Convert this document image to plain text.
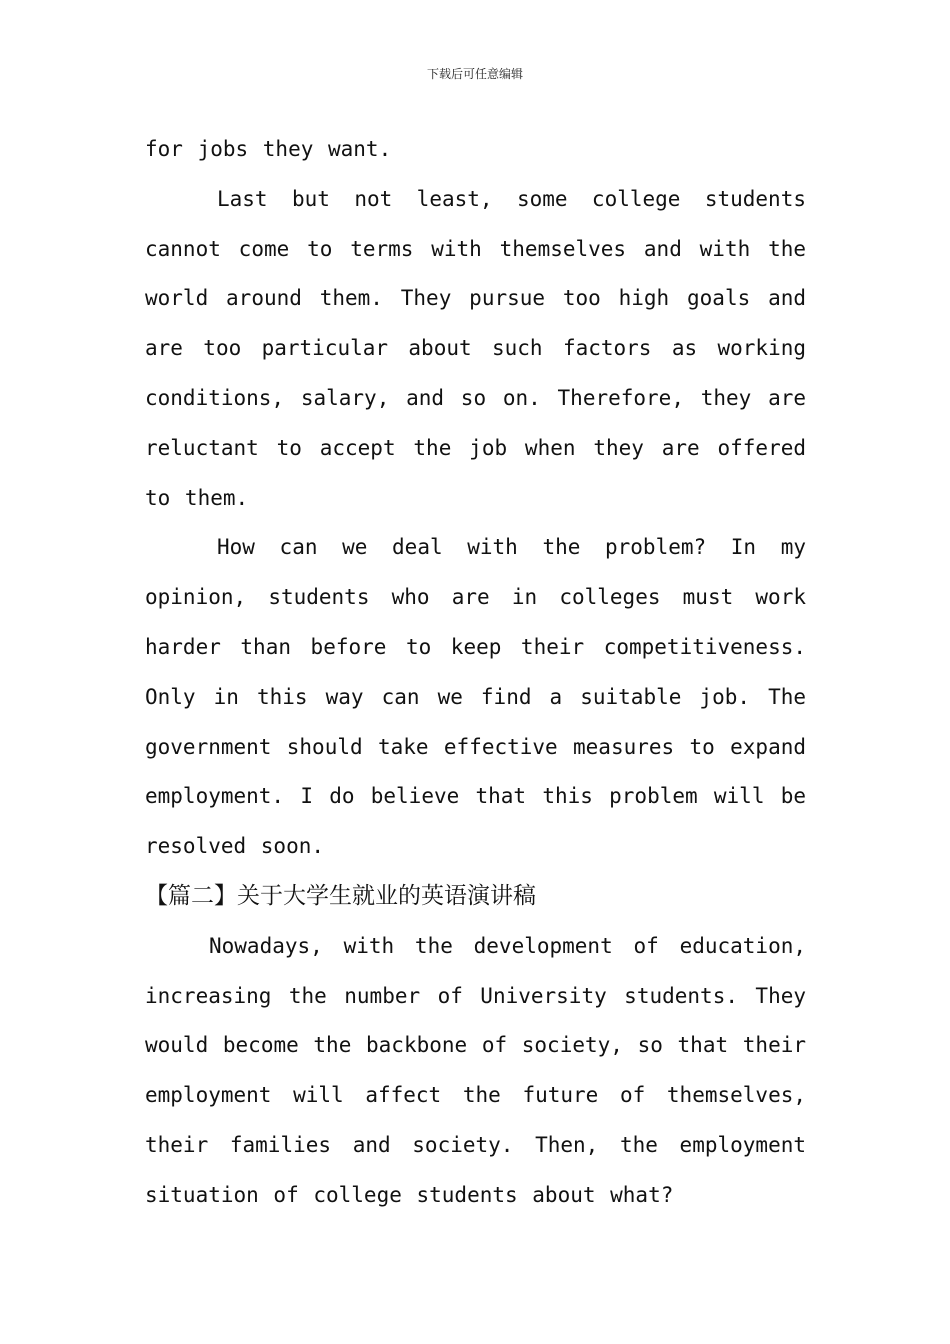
下载后可任意编辑

for jobs they want.

Last but not least, some college students cannot come to terms with themselves and with the world around them. They pursue too high goals and are too particular about such factors as working conditions, salary, and so on. Therefore, they are reluctant to accept the job when they are offered to them.

How can we deal with the problem? In my opinion, students who are in colleges must work harder than before to keep their competitiveness. Only in this way can we find a suitable job. The government should take effective measures to expand employment. I do believe that this problem will be resolved soon.

【篇二】关于大学生就业的英语演讲稿

Nowadays, with the development of education, increasing the number of University students. They would become the backbone of society, so that their employment will affect the future of themselves, their families and society. Then, the employment situation of college students about what?
